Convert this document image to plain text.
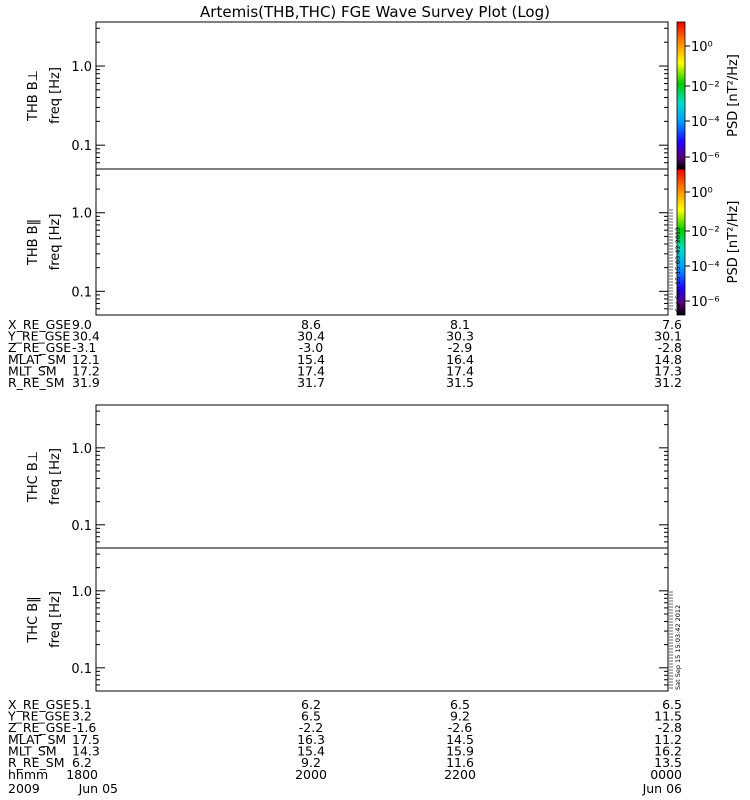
Artemis(THB,THC) FGE Wave Survey Plot (Log)
1.0
0.1
freq [Hz]
THB B⊥
1.0
0.1
freq [Hz]
THB B‖
1.0
0.1
freq [Hz]
THC B⊥
1.0
0.1
freq [Hz]
THC B‖
10⁰
10⁻²
10⁻⁴
10⁻⁶
PSD [nT²/Hz]
10⁰
10⁻²
10⁻⁴
10⁻⁶
PSD [nT²/Hz]
Sat Sep 15 15:03:42 2012
Sat Sep 15 15:03:42 2012
X_RE_GSE 9.0	8.6	8.1	7.6
Y_RE_GSE 30.4	30.4	30.3	30.1
Z_RE_GSE -3.1	-3.0	-2.9	-2.8
MLAT_SM 12.1	15.4	16.4	14.8
MLT_SM 17.2	17.4	17.4	17.3
R_RE_SM 31.9	31.7	31.5	31.2
X_RE_GSE 5.1	6.2	6.5	6.5
Y_RE_GSE 3.2	6.5	9.2	11.5
Z_RE_GSE -1.6	-2.2	-2.6	-2.8
MLAT_SM 17.5	16.3	14.5	11.2
MLT_SM 14.3	15.4	15.9	16.2
R_RE_SM 6.2	9.2	11.6	13.5
hhmm 1800	2000	2200	0000
2009	Jun 05	Jun 06
